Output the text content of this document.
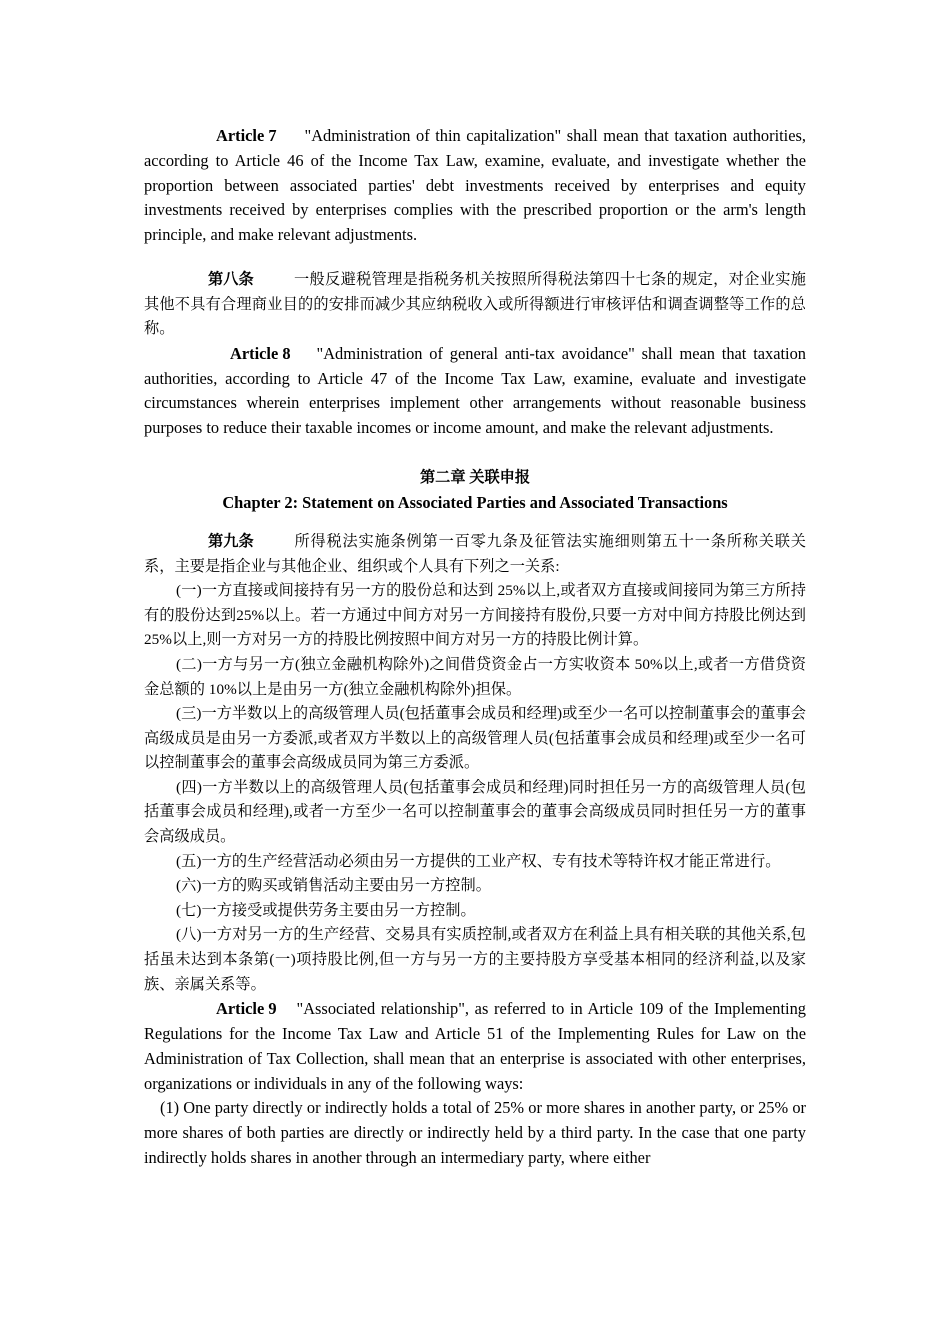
Article 7 "Administration of thin capitalization" shall mean that taxation authorities, according to Article 46 of the Income Tax Law, examine, evaluate, and investigate whether the proportion between associated parties' debt investments received by enterprises and equity investments received by enterprises complies with the prescribed proportion or the arm's length principle, and make relevant adjustments.

第八条	一般反避税管理是指税务机关按照所得税法第四十七条的规定，对企业实施其他不具有合理商业目的的安排而减少其应纳税收入或所得额进行审核评估和调查调整等工作的总称。

Article 8 "Administration of general anti-tax avoidance" shall mean that taxation authorities, according to Article 47 of the Income Tax Law, examine, evaluate and investigate circumstances wherein enterprises implement other arrangements without reasonable business purposes to reduce their taxable incomes or income amount, and make the relevant adjustments.

第二章 关联申报

Chapter 2: Statement on Associated Parties and Associated Transactions

第九条	所得税法实施条例第一百零九条及征管法实施细则第五十一条所称关联关系，主要是指企业与其他企业、组织或个人具有下列之一关系:

(一)一方直接或间接持有另一方的股份总和达到 25%以上,或者双方直接或间接同为第三方所持有的股份达到25%以上。若一方通过中间方对另一方间接持有股份,只要一方对中间方持股比例达到25%以上,则一方对另一方的持股比例按照中间方对另一方的持股比例计算。

(二)一方与另一方(独立金融机构除外)之间借贷资金占一方实收资本 50%以上,或者一方借贷资金总额的 10%以上是由另一方(独立金融机构除外)担保。

(三)一方半数以上的高级管理人员(包括董事会成员和经理)或至少一名可以控制董事会的董事会高级成员是由另一方委派,或者双方半数以上的高级管理人员(包括董事会成员和经理)或至少一名可以控制董事会的董事会高级成员同为第三方委派。

(四)一方半数以上的高级管理人员(包括董事会成员和经理)同时担任另一方的高级管理人员(包括董事会成员和经理),或者一方至少一名可以控制董事会的董事会高级成员同时担任另一方的董事会高级成员。

(五)一方的生产经营活动必须由另一方提供的工业产权、专有技术等特许权才能正常进行。

(六)一方的购买或销售活动主要由另一方控制。

(七)一方接受或提供劳务主要由另一方控制。

(八)一方对另一方的生产经营、交易具有实质控制,或者双方在利益上具有相关联的其他关系,包括虽未达到本条第(一)项持股比例,但一方与另一方的主要持股方享受基本相同的经济利益,以及家族、亲属关系等。

Article 9 "Associated relationship", as referred to in Article 109 of the Implementing Regulations for the Income Tax Law and Article 51 of the Implementing Rules for Law on the Administration of Tax Collection, shall mean that an enterprise is associated with other enterprises, organizations or individuals in any of the following ways:

(1) One party directly or indirectly holds a total of 25% or more shares in another party, or 25% or more shares of both parties are directly or indirectly held by a third party. In the case that one party indirectly holds shares in another through an intermediary party, where either
